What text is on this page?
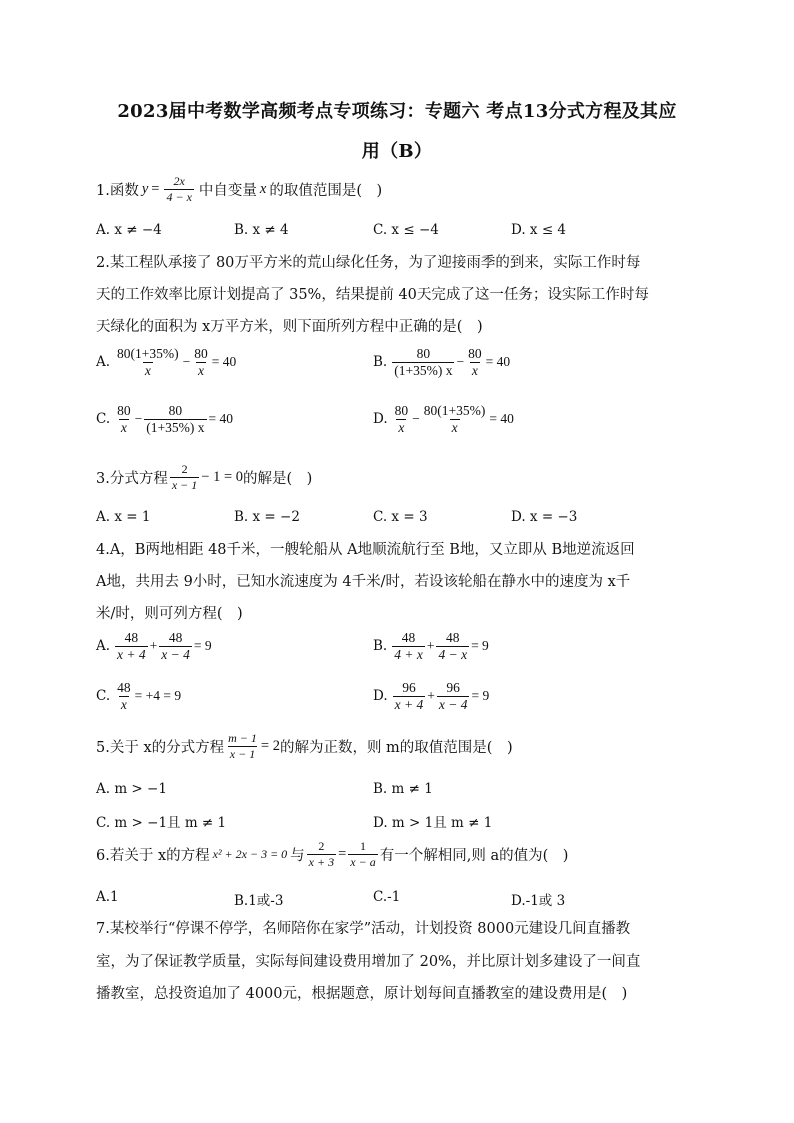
2023届中考数学高频考点专项练习：专题六 考点13分式方程及其应
用（B）
1.函数 $y = \frac{2x}{4 - x}$ 中自变量 x 的取值范围是(　)
A. x ≠ −4	B. x ≠ 4	C. x ≤ −4	D. x ≤ 4
2.某工程队承接了 80万平方米的荒山绿化任务，为了迎接雨季的到来，实际工作时每
天的工作效率比原计划提高了 35%，结果提前 40天完成了这一任务；设实际工作时每
天绿化的面积为 x万平方米，则下面所列方程中正确的是(　)
A. $\frac{80(1+35\%)}{x} - \frac{80}{x} = 40$	B. $\frac{80}{(1+35\%) x} - \frac{80}{x} = 40$
C. $\frac{80}{x} - \frac{80}{(1+35\%) x} = 40$	D. $\frac{80}{x} - \frac{80(1+35\%)}{x} = 40$
3.分式方程 $\frac{2}{x - 1} - 1 = 0$ 的解是(　)
A. x = 1	B. x = −2	C. x = 3	D. x = −3
4.A，B两地相距 48千米，一艘轮船从 A地顺流航行至 B地，又立即从 B地逆流返回
A地，共用去 9小时，已知水流速度为 4千米/时，若设该轮船在静水中的速度为 x千
米/时，则可列方程(　)
A. $\frac{48}{x + 4} + \frac{48}{x - 4} = 9$	B. $\frac{48}{4 + x} + \frac{48}{4 - x} = 9$
C. $\frac{48}{x} = +4 = 9$	D. $\frac{96}{x + 4} + \frac{96}{x - 4} = 9$
5.关于 x的分式方程 $\frac{m - 1}{x - 1} = 2$ 的解为正数，则 m的取值范围是(　)
A. m > −1	B. m ≠ 1
C. m > −1且 m ≠ 1	D. m > 1且 m ≠ 1
6.若关于 x的方程 x² + 2x − 3 = 0 与 $\frac{2}{x + 3} = \frac{1}{x - a}$ 有一个解相同,则 a的值为(　)
A.1	B.1或-3	C.-1	D.-1或 3
7.某校举行“停课不停学，名师陪你在家学”活动，计划投资 8000元建设几间直播教
室，为了保证教学质量，实际每间建设费用增加了 20%，并比原计划多建设了一间直
播教室，总投资追加了 4000元，根据题意，原计划每间直播教室的建设费用是(　)
